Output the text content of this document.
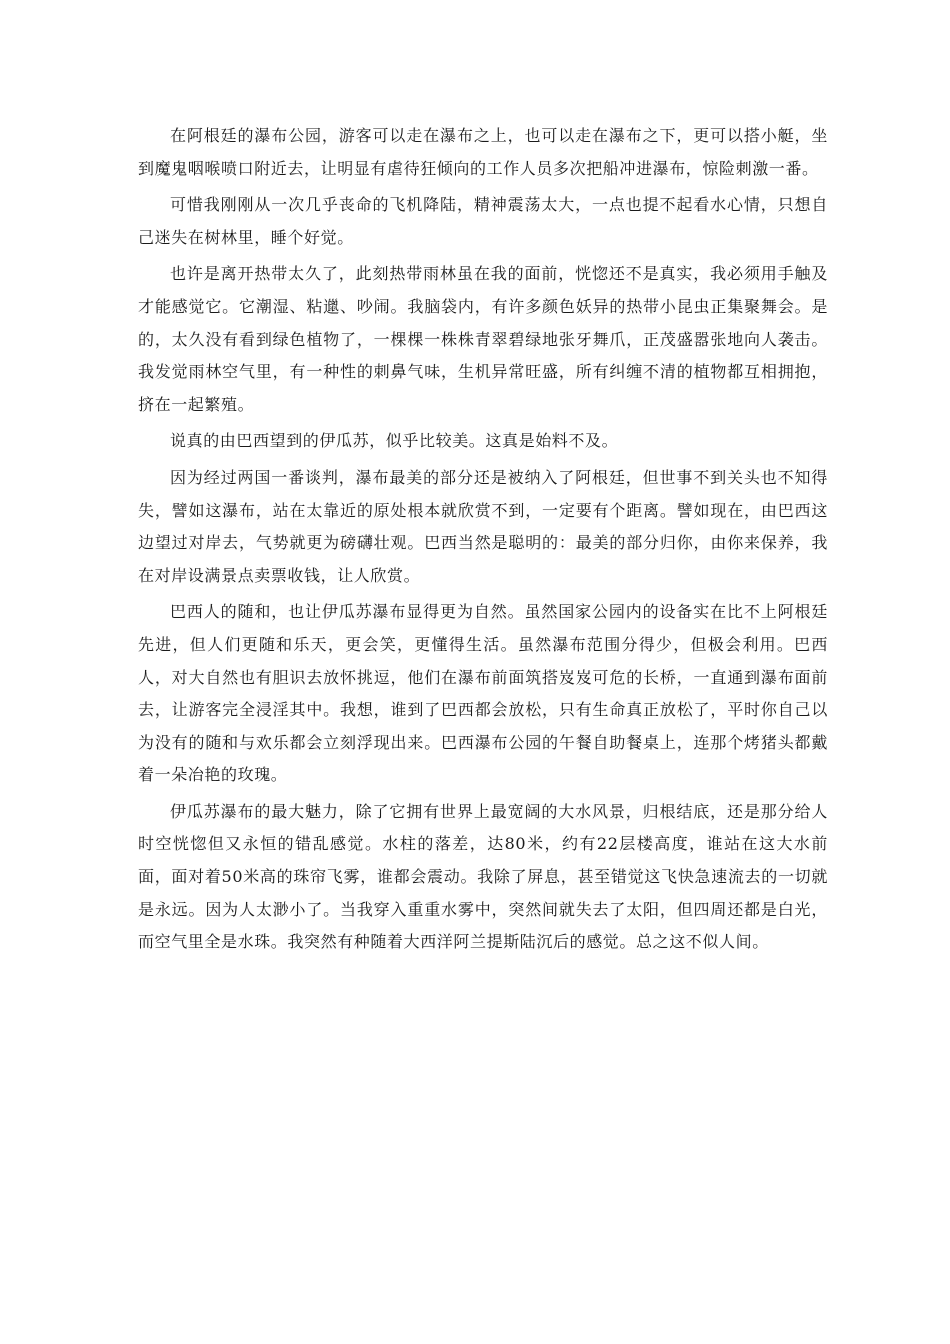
在阿根廷的瀑布公园，游客可以走在瀑布之上，也可以走在瀑布之下，更可以搭小艇，坐到魔鬼咽喉喷口附近去，让明显有虐待狂倾向的工作人员多次把船冲进瀑布，惊险刺激一番。

可惜我刚刚从一次几乎丧命的飞机降陆，精神震荡太大，一点也提不起看水心情，只想自己迷失在树林里，睡个好觉。

也许是离开热带太久了，此刻热带雨林虽在我的面前，恍惚还不是真实，我必须用手触及才能感觉它。它潮湿、粘邋、吵闹。我脑袋内，有许多颜色妖异的热带小昆虫正集聚舞会。是的，太久没有看到绿色植物了，一棵棵一株株青翠碧绿地张牙舞爪，正茂盛嚣张地向人袭击。我发觉雨林空气里，有一种性的刺鼻气味，生机异常旺盛，所有纠缠不清的植物都互相拥抱，挤在一起繁殖。

说真的由巴西望到的伊瓜苏，似乎比较美。这真是始料不及。

因为经过两国一番谈判，瀑布最美的部分还是被纳入了阿根廷，但世事不到关头也不知得失，譬如这瀑布，站在太靠近的原处根本就欣赏不到，一定要有个距离。譬如现在，由巴西这边望过对岸去，气势就更为磅礴壮观。巴西当然是聪明的：最美的部分归你，由你来保养，我在对岸设满景点卖票收钱，让人欣赏。

巴西人的随和，也让伊瓜苏瀑布显得更为自然。虽然国家公园内的设备实在比不上阿根廷先进，但人们更随和乐天，更会笑，更懂得生活。虽然瀑布范围分得少，但极会利用。巴西人，对大自然也有胆识去放怀挑逗，他们在瀑布前面筑搭岌岌可危的长桥，一直通到瀑布面前去，让游客完全浸淫其中。我想，谁到了巴西都会放松，只有生命真正放松了，平时你自己以为没有的随和与欢乐都会立刻浮现出来。巴西瀑布公园的午餐自助餐桌上，连那个烤猪头都戴着一朵冶艳的玫瑰。

伊瓜苏瀑布的最大魅力，除了它拥有世界上最宽阔的大水风景，归根结底，还是那分给人时空恍惚但又永恒的错乱感觉。水柱的落差，达80米，约有22层楼高度，谁站在这大水前面，面对着50米高的珠帘飞雾，谁都会震动。我除了屏息，甚至错觉这飞快急速流去的一切就是永远。因为人太渺小了。当我穿入重重水雾中，突然间就失去了太阳，但四周还都是白光，而空气里全是水珠。我突然有种随着大西洋阿兰提斯陆沉后的感觉。总之这不似人间。
